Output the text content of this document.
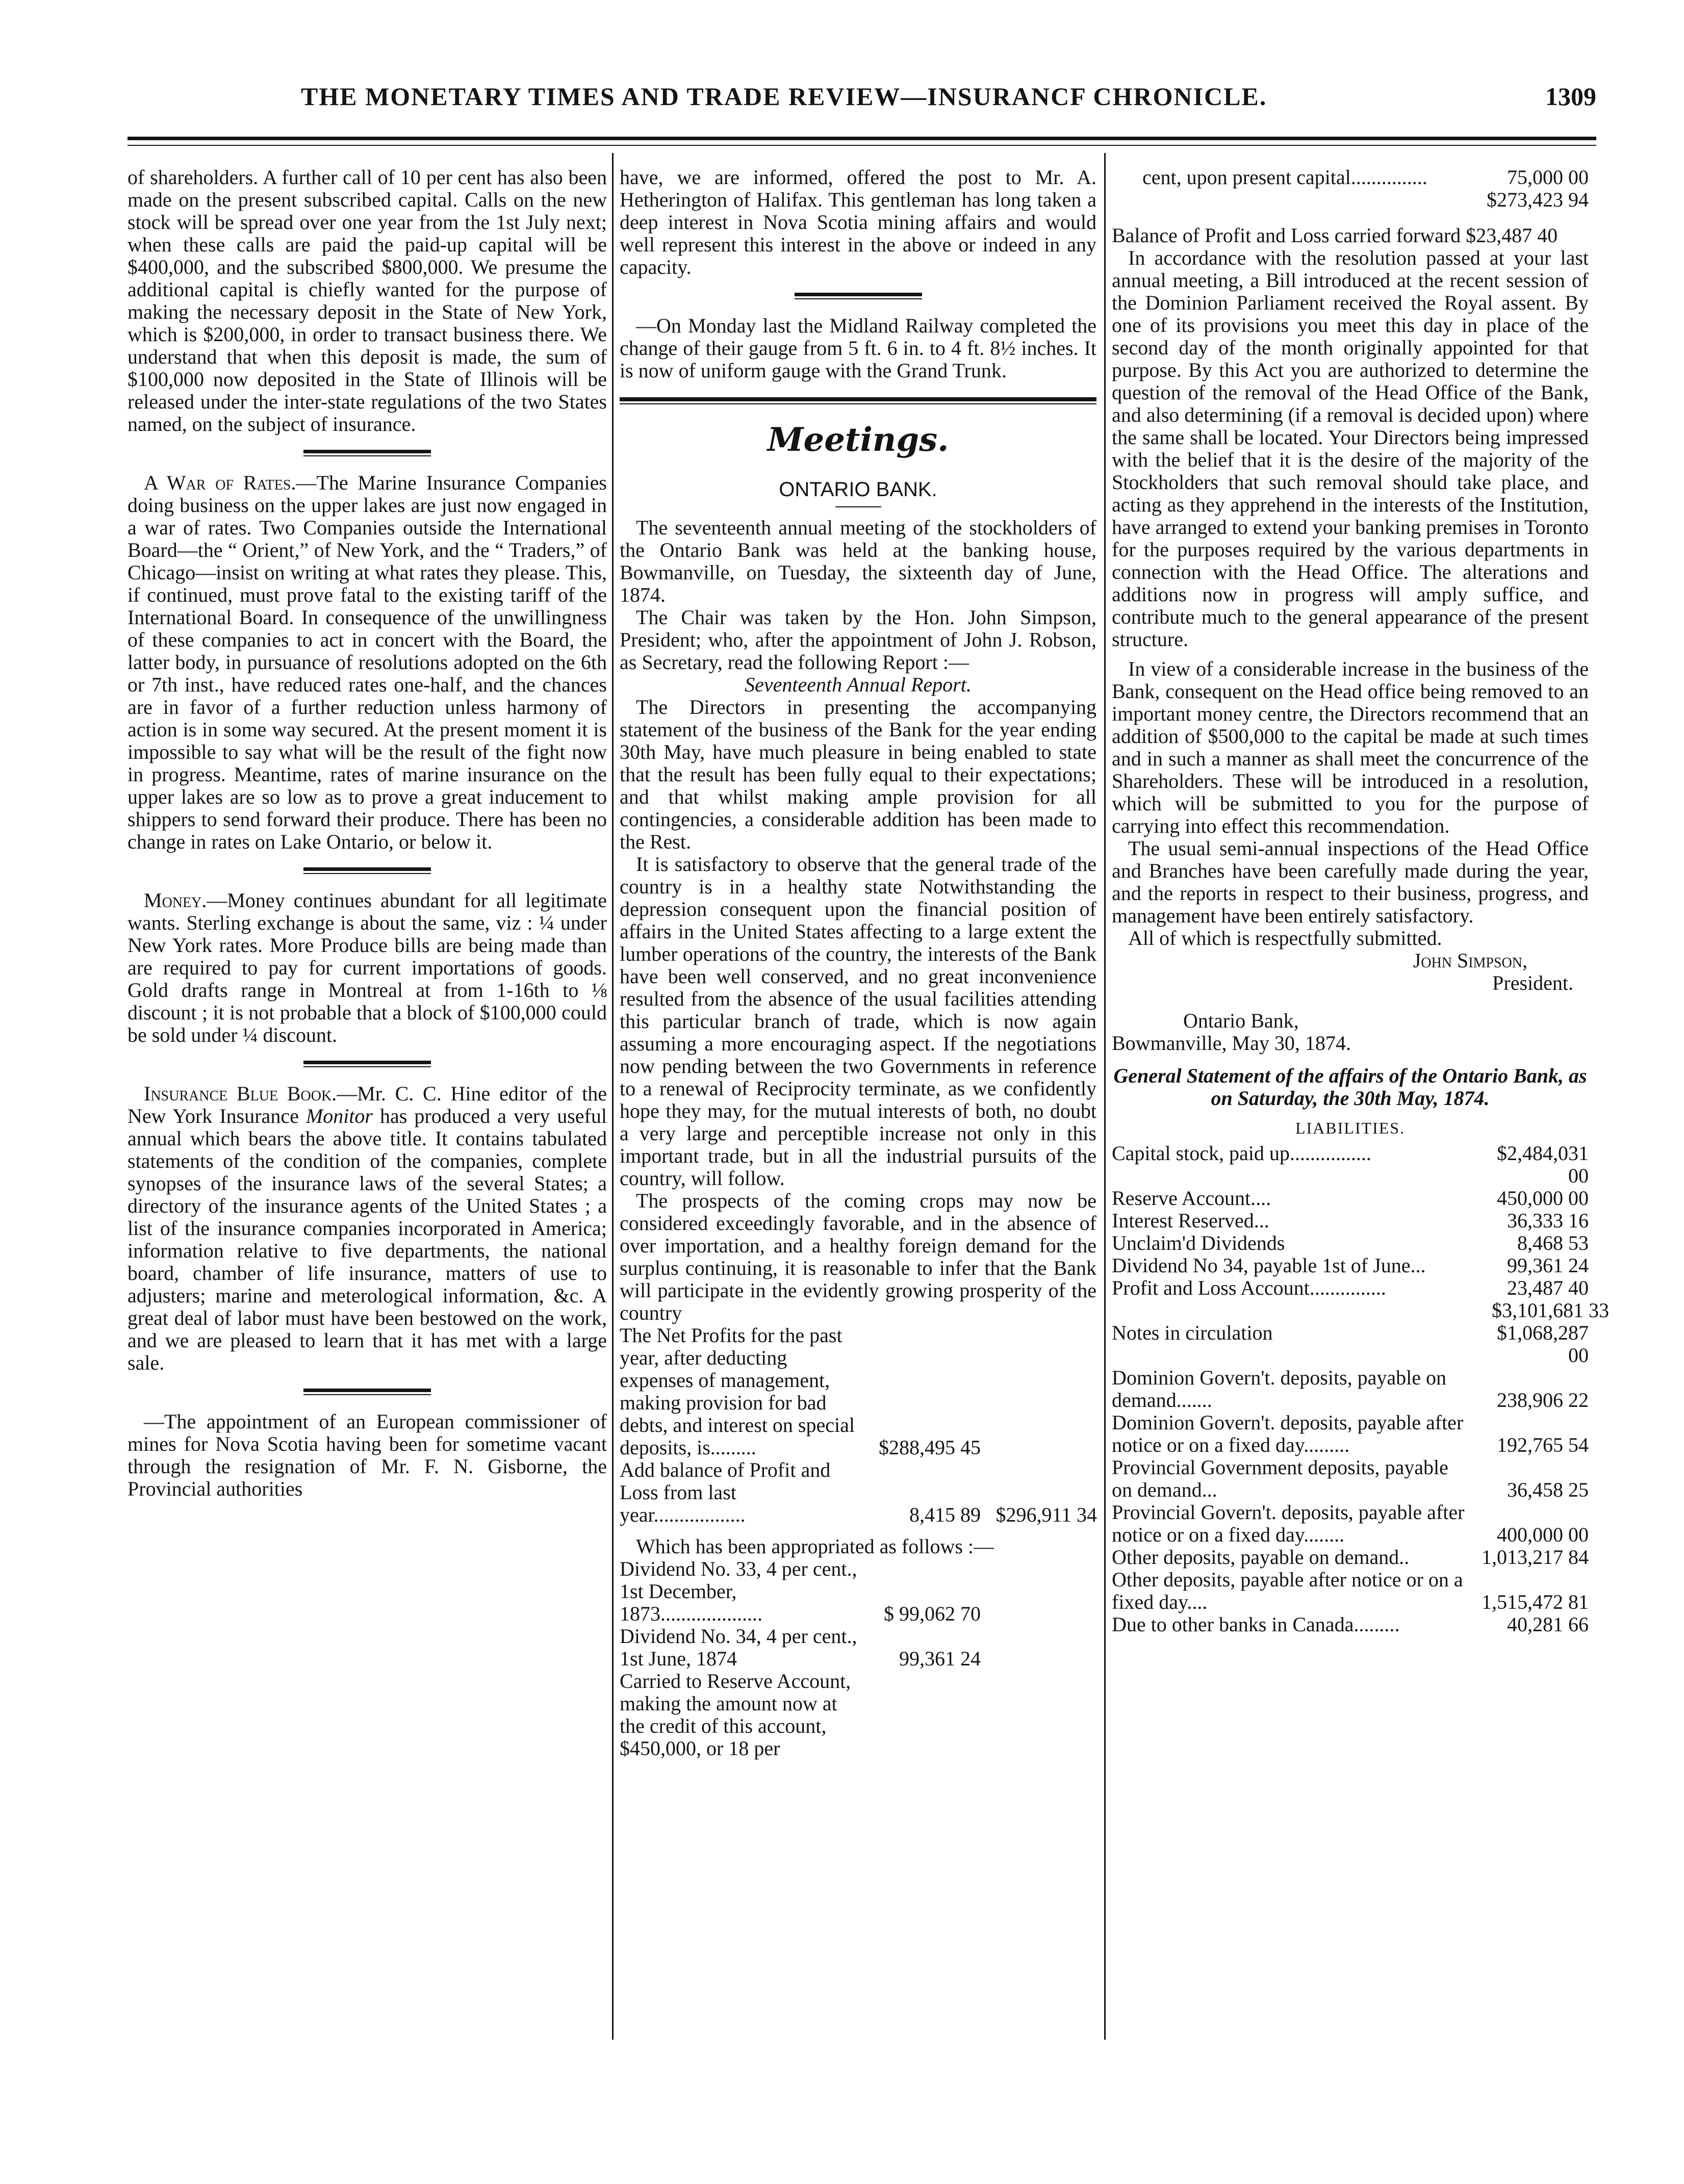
THE MONETARY TIMES AND TRADE REVIEW—INSURANCF CHRONICLE.	1309

of shareholders. A further call of 10 per cent has also been made on the present subscribed capital. Calls on the new stock will be spread over one year from the 1st July next; when these calls are paid the paid-up capital will be $400,000, and the subscribed $800,000. We presume the additional capital is chiefly wanted for the purpose of making the necessary deposit in the State of New York, which is $200,000, in order to transact business there. We understand that when this deposit is made, the sum of $100,000 now deposited in the State of Illinois will be released under the inter-state regulations of the two States named, on the subject of insurance.

A War of Rates.—The Marine Insurance Companies doing business on the upper lakes are just now engaged in a war of rates. Two Companies outside the International Board—the “ Orient,” of New York, and the “ Traders,” of Chicago—insist on writing at what rates they please. This, if continued, must prove fatal to the existing tariff of the International Board. In consequence of the unwillingness of these companies to act in concert with the Board, the latter body, in pursuance of resolutions adopted on the 6th or 7th inst., have reduced rates one-half, and the chances are in favor of a further reduction unless harmony of action is in some way secured. At the present moment it is impossible to say what will be the result of the fight now in progress. Meantime, rates of marine insurance on the upper lakes are so low as to prove a great inducement to shippers to send forward their produce. There has been no change in rates on Lake Ontario, or below it.

Money.—Money continues abundant for all legitimate wants. Sterling exchange is about the same, viz : ¼ under New York rates. More Produce bills are being made than are required to pay for current importations of goods. Gold drafts range in Montreal at from 1-16th to ⅛ discount ; it is not probable that a block of $100,000 could be sold under ¼ discount.

Insurance Blue Book.—Mr. C. C. Hine editor of the New York Insurance Monitor has produced a very useful annual which bears the above title. It contains tabulated statements of the condition of the companies, complete synopses of the insurance laws of the several States; a directory of the insurance agents of the United States ; a list of the insurance companies incorporated in America; information relative to five departments, the national board, chamber of life insurance, matters of use to adjusters; marine and meterological information, &c. A great deal of labor must have been bestowed on the work, and we are pleased to learn that it has met with a large sale.

—The appointment of an European commissioner of mines for Nova Scotia having been for sometime vacant through the resignation of Mr. F. N. Gisborne, the Provincial authorities

have, we are informed, offered the post to Mr. A. Hetherington of Halifax. This gentleman has long taken a deep interest in Nova Scotia mining affairs and would well represent this interest in the above or indeed in any capacity.

—On Monday last the Midland Railway completed the change of their gauge from 5 ft. 6 in. to 4 ft. 8½ inches. It is now of uniform gauge with the Grand Trunk.

Meetings.
ONTARIO BANK.

The seventeenth annual meeting of the stockholders of the Ontario Bank was held at the banking house, Bowmanville, on Tuesday, the sixteenth day of June, 1874.

The Chair was taken by the Hon. John Simpson, President; who, after the appointment of John J. Robson, as Secretary, read the following Report :—

Seventeenth Annual Report.

The Directors in presenting the accompanying statement of the business of the Bank for the year ending 30th May, have much pleasure in being enabled to state that the result has been fully equal to their expectations; and that whilst making ample provision for all contingencies, a considerable addition has been made to the Rest.

It is satisfactory to observe that the general trade of the country is in a healthy state Notwithstanding the depression consequent upon the financial position of affairs in the United States affecting to a large extent the lumber operations of the country, the interests of the Bank have been well conserved, and no great inconvenience resulted from the absence of the usual facilities attending this particular branch of trade, which is now again assuming a more encouraging aspect. If the negotiations now pending between the two Governments in reference to a renewal of Reciprocity terminate, as we confidently hope they may, for the mutual interests of both, no doubt a very large and perceptible increase not only in this important trade, but in all the industrial pursuits of the country, will follow.

The prospects of the coming crops may now be considered exceedingly favorable, and in the absence of over importation, and a healthy foreign demand for the surplus continuing, it is reasonable to infer that the Bank will participate in the evidently growing prosperity of the country

The Net Profits for the past year, after deducting expenses of management, making provision for bad debts, and interest on special deposits, is.........	$288,495 45
Add balance of Profit and Loss from last year..................	8,415 89 $296,911 34

Which has been appropriated as follows :—

Dividend No. 33, 4 per cent., 1st December, 1873....................	$ 99,062 70
Dividend No. 34, 4 per cent., 1st June, 1874	99,361 24
Carried to Reserve Account, making the amount now at the credit of this account, $450,000, or 18 per
cent, upon present capital...............	75,000 00
$273,423 94

Balance of Profit and Loss carried forward $23,487 40

In accordance with the resolution passed at your last annual meeting, a Bill introduced at the recent session of the Dominion Parliament received the Royal assent. By one of its provisions you meet this day in place of the second day of the month originally appointed for that purpose. By this Act you are authorized to determine the question of the removal of the Head Office of the Bank, and also determining (if a removal is decided upon) where the same shall be located. Your Directors being impressed with the belief that it is the desire of the majority of the Stockholders that such removal should take place, and acting as they apprehend in the interests of the Institution, have arranged to extend your banking premises in Toronto for the purposes required by the various departments in connection with the Head Office. The alterations and additions now in progress will amply suffice, and contribute much to the general appearance of the present structure.

In view of a considerable increase in the business of the Bank, consequent on the Head office being removed to an important money centre, the Directors recommend that an addition of $500,000 to the capital be made at such times and in such a manner as shall meet the concurrence of the Shareholders. These will be introduced in a resolution, which will be submitted to you for the purpose of carrying into effect this recommendation.

The usual semi-annual inspections of the Head Office and Branches have been carefully made during the year, and the reports in respect to their business, progress, and management have been entirely satisfactory.

All of which is respectfully submitted.

John Simpson,
President.
Ontario Bank,
Bowmanville, May 30, 1874.

General Statement of the affairs of the Ontario Bank, as on Saturday, the 30th May, 1874.

LIABILITIES.
Capital stock, paid up................	$2,484,031 00
Reserve Account....	450,000 00
Interest Reserved...	36,333 16
Unclaim'd Dividends	8,468 53
Dividend No 34, payable 1st of June...	99,361 24
Profit and Loss Account...............	23,487 40
$3,101,681 33
Notes in circulation	$1,068,287 00
Dominion Govern't. deposits, payable on demand.......	238,906 22
Dominion Govern't. deposits, payable after notice or on a fixed day.........	192,765 54
Provincial Government deposits, payable on demand...	36,458 25
Provincial Govern't. deposits, payable after notice or on a fixed day........	400,000 00
Other deposits, payable on demand..	1,013,217 84
Other deposits, payable after notice or on a fixed day....	1,515,472 81
Due to other banks in Canada.........	40,281 66
